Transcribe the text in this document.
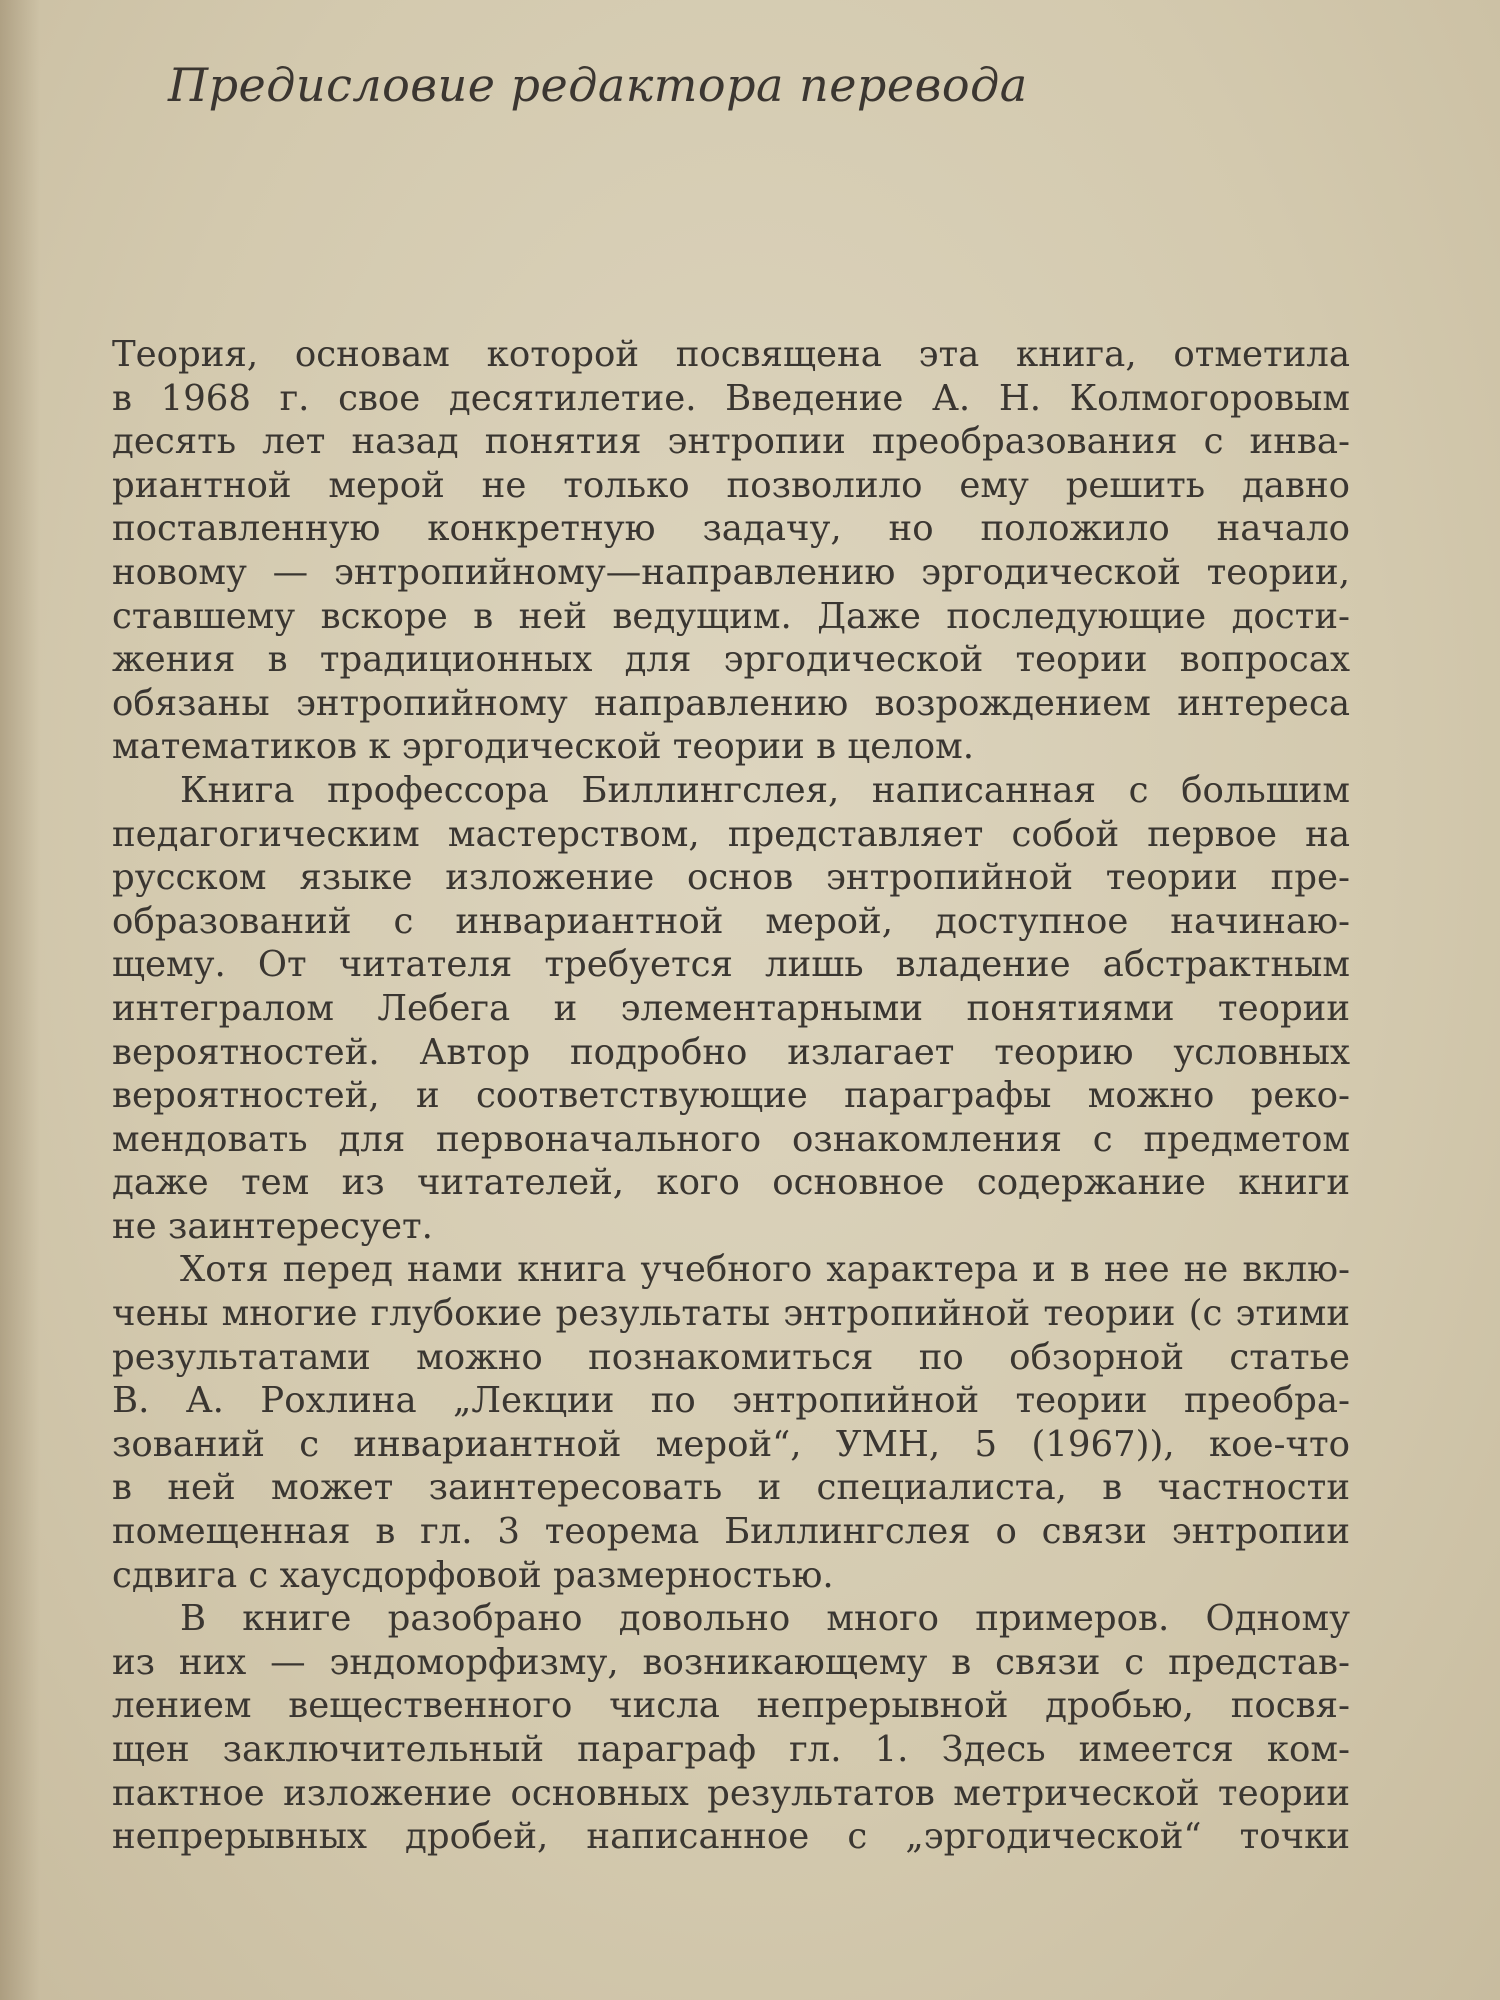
Предисловие редактора перевода
Теория, основам которой посвящена эта книга, отметила
в 1968 г. свое десятилетие. Введение А. Н. Колмогоровым
десять лет назад понятия энтропии преобразования с инва-
риантной мерой не только позволило ему решить давно
поставленную конкретную задачу, но положило начало
новому — энтропийному—направлению эргодической теории,
ставшему вскоре в ней ведущим. Даже последующие дости-
жения в традиционных для эргодической теории вопросах
обязаны энтропийному направлению возрождением интереса
математиков к эргодической теории в целом.
Книга профессора Биллингслея, написанная с большим
педагогическим мастерством, представляет собой первое на
русском языке изложение основ энтропийной теории пре-
образований с инвариантной мерой, доступное начинаю-
щему. От читателя требуется лишь владение абстрактным
интегралом Лебега и элементарными понятиями теории
вероятностей. Автор подробно излагает теорию условных
вероятностей, и соответствующие параграфы можно реко-
мендовать для первоначального ознакомления с предметом
даже тем из читателей, кого основное содержание книги
не заинтересует.
Хотя перед нами книга учебного характера и в нее не вклю-
чены многие глубокие результаты энтропийной теории (с этими
результатами можно познакомиться по обзорной статье
В. А. Рохлина „Лекции по энтропийной теории преобра-
зований с инвариантной мерой“, УМН, 5 (1967)), кое-что
в ней может заинтересовать и специалиста, в частности
помещенная в гл. 3 теорема Биллингслея о связи энтропии
сдвига с хаусдорфовой размерностью.
В книге разобрано довольно много примеров. Одному
из них — эндоморфизму, возникающему в связи с представ-
лением вещественного числа непрерывной дробью, посвя-
щен заключительный параграф гл. 1. Здесь имеется ком-
пактное изложение основных результатов метрической теории
непрерывных дробей, написанное с „эргодической“ точки
